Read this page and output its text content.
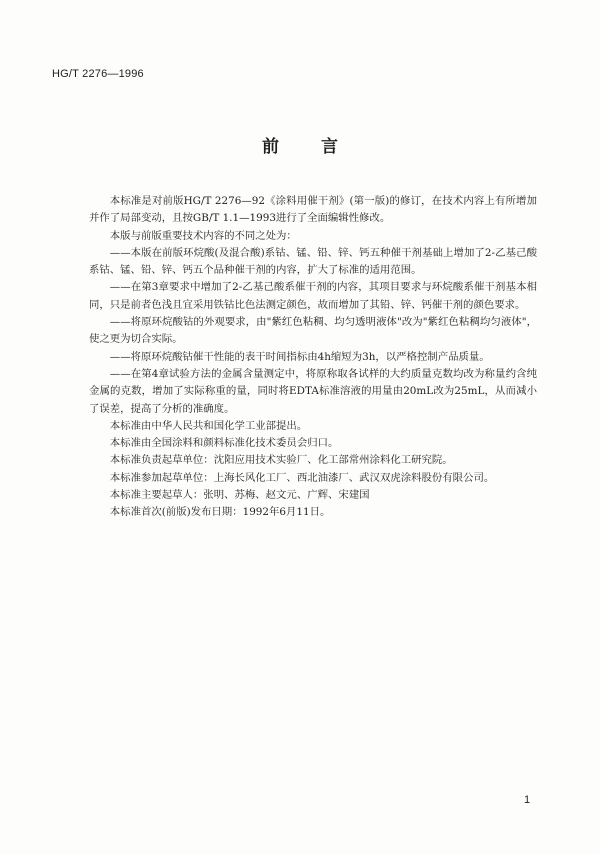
HG/T 2276—1996
前 言

本标准是对前版HG/T 2276—92《涂料用催干剂》(第一版)的修订，在技术内容上有所增加并作了局部变动，且按GB/T 1.1—1993进行了全面编辑性修改。

本版与前版重要技术内容的不同之处为：

——本版在前版环烷酸(及混合酸)系钴、锰、铅、锌、钙五种催干剂基础上增加了2-乙基己酸系钴、锰、铅、锌、钙五个品种催干剂的内容，扩大了标准的适用范围。

——在第3章要求中增加了2-乙基己酸系催干剂的内容，其项目要求与环烷酸系催干剂基本相同，只是前者色浅且宜采用铁钴比色法测定颜色，故而增加了其铅、锌、钙催干剂的颜色要求。

——将原环烷酸钴的外观要求，由"紫红色粘稠、均匀透明液体"改为"紫红色粘稠均匀液体"，使之更为切合实际。

——将原环烷酸钴催干性能的表干时间指标由4h缩短为3h，以严格控制产品质量。

——在第4章试验方法的金属含量测定中，将原称取各试样的大约质量克数均改为称量约含纯金属的克数，增加了实际称重的量，同时将EDTA标准溶液的用量由20mL改为25mL，从而减小了误差，提高了分析的准确度。

本标准由中华人民共和国化学工业部提出。

本标准由全国涂料和颜料标准化技术委员会归口。

本标准负责起草单位：沈阳应用技术实验厂、化工部常州涂料化工研究院。

本标准参加起草单位：上海长风化工厂、西北油漆厂、武汉双虎涂料股份有限公司。

本标准主要起草人：张明、苏梅、赵文元、广辉、宋建国

本标准首次(前版)发布日期：1992年6月11日。

1
